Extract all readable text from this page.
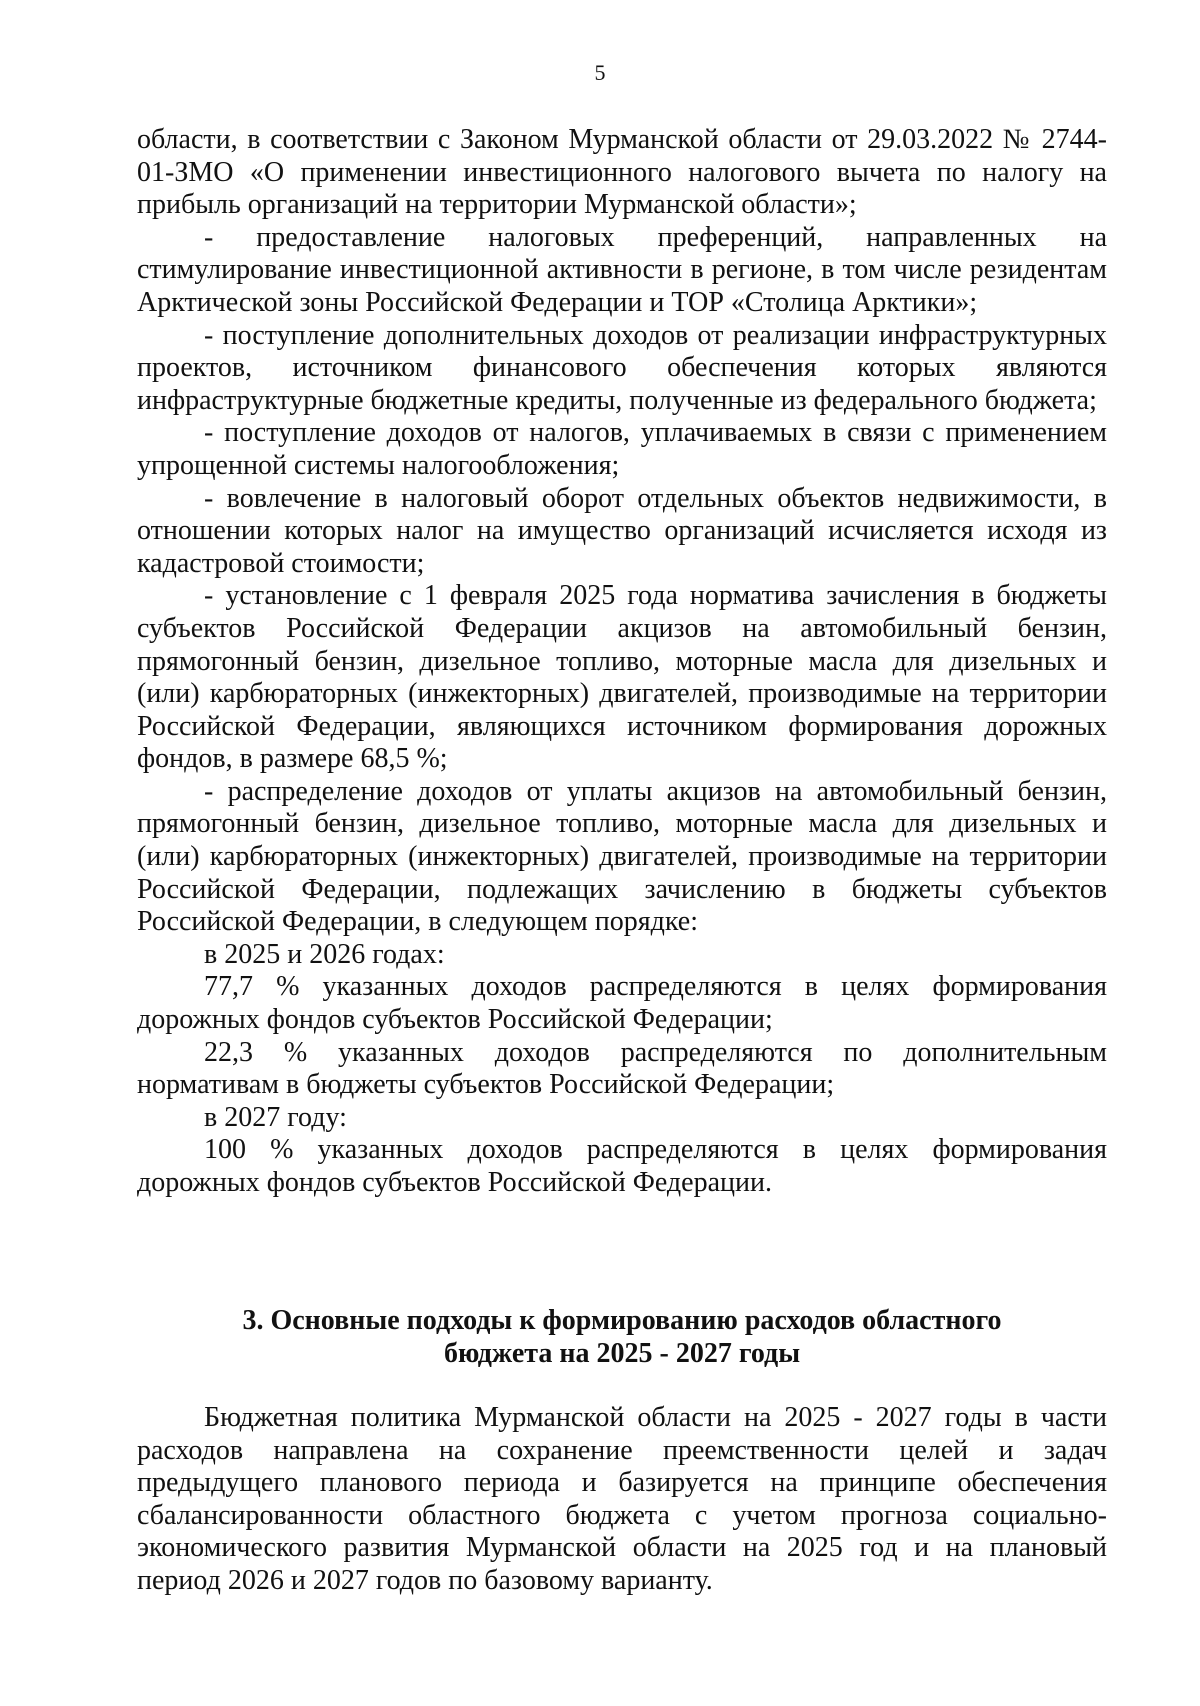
5

области, в соответствии с Законом Мурманской области от 29.03.2022 № 2744-01-ЗМО «О применении инвестиционного налогового вычета по налогу на прибыль организаций на территории Мурманской области»;

- предоставление налоговых преференций, направленных на стимулирование инвестиционной активности в регионе, в том числе резидентам Арктической зоны Российской Федерации и ТОР «Столица Арктики»;

- поступление дополнительных доходов от реализации инфраструктурных проектов, источником финансового обеспечения которых являются инфраструктурные бюджетные кредиты, полученные из федерального бюджета;

- поступление доходов от налогов, уплачиваемых в связи с применением упрощенной системы налогообложения;

- вовлечение в налоговый оборот отдельных объектов недвижимости, в отношении которых налог на имущество организаций исчисляется исходя из кадастровой стоимости;

- установление с 1 февраля 2025 года норматива зачисления в бюджеты субъектов Российской Федерации акцизов на автомобильный бензин, прямогонный бензин, дизельное топливо, моторные масла для дизельных и (или) карбюраторных (инжекторных) двигателей, производимые на территории Российской Федерации, являющихся источником формирования дорожных фондов, в размере 68,5 %;

- распределение доходов от уплаты акцизов на автомобильный бензин, прямогонный бензин, дизельное топливо, моторные масла для дизельных и (или) карбюраторных (инжекторных) двигателей, производимые на территории Российской Федерации, подлежащих зачислению в бюджеты субъектов Российской Федерации, в следующем порядке:

в 2025 и 2026 годах:

77,7 % указанных доходов распределяются в целях формирования дорожных фондов субъектов Российской Федерации;

22,3 % указанных доходов распределяются по дополнительным нормативам в бюджеты субъектов Российской Федерации;

в 2027 году:

100 % указанных доходов распределяются в целях формирования дорожных фондов субъектов Российской Федерации.

3. Основные подходы к формированию расходов областного
бюджета на 2025 - 2027 годы

Бюджетная политика Мурманской области на 2025 - 2027 годы в части расходов направлена на сохранение преемственности целей и задач предыдущего планового периода и базируется на принципе обеспечения сбалансированности областного бюджета с учетом прогноза социально-экономического развития Мурманской области на 2025 год и на плановый период 2026 и 2027 годов по базовому варианту.
